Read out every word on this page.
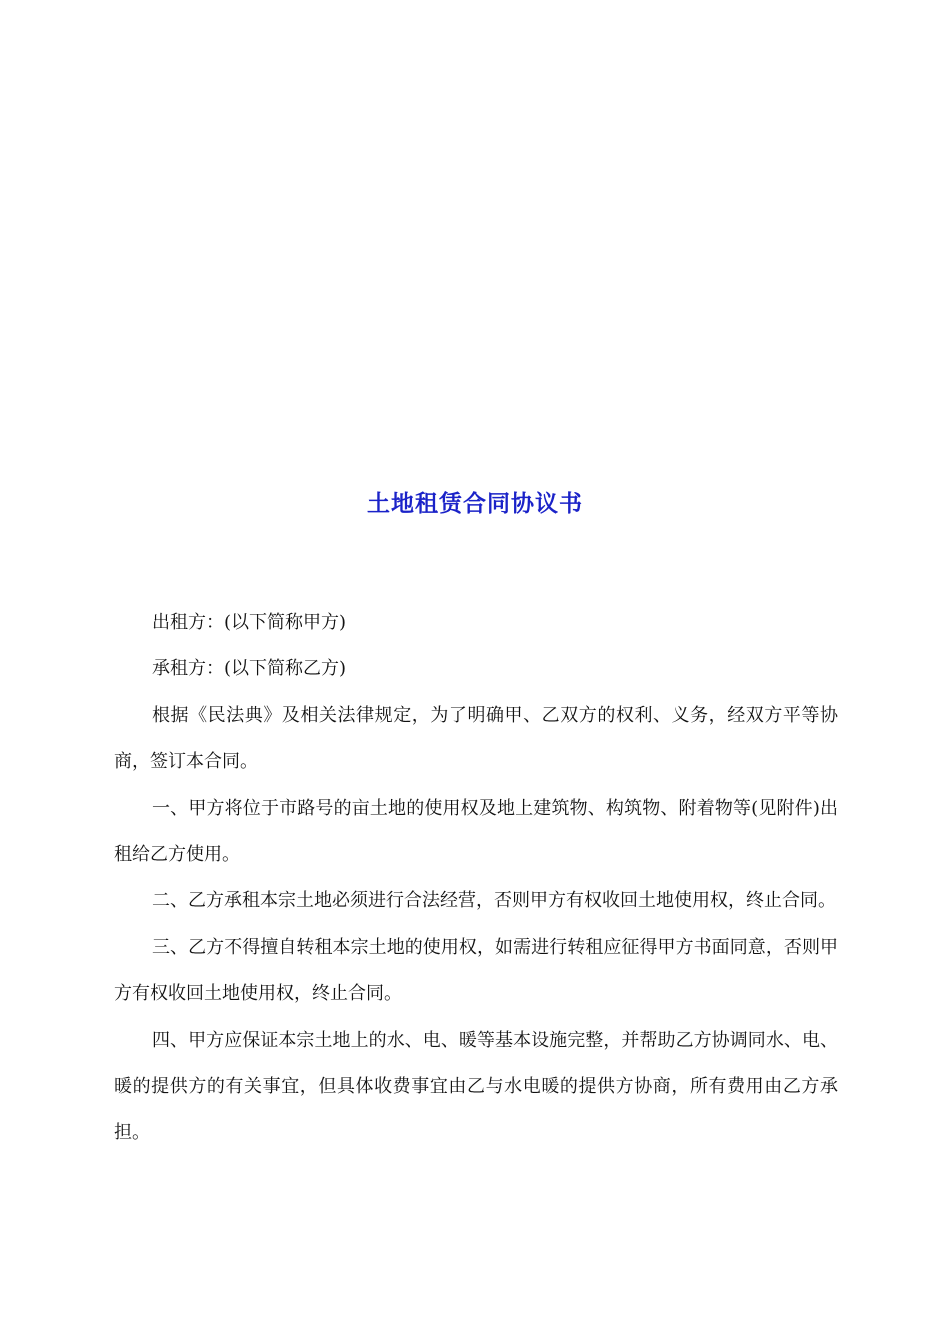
土地租赁合同协议书

出租方：(以下简称甲方)

承租方：(以下简称乙方)

根据《民法典》及相关法律规定，为了明确甲、乙双方的权利、义务，经双方平等协商，签订本合同。

一、甲方将位于市路号的亩土地的使用权及地上建筑物、构筑物、附着物等(见附件)出租给乙方使用。

二、乙方承租本宗土地必须进行合法经营，否则甲方有权收回土地使用权，终止合同。

三、乙方不得擅自转租本宗土地的使用权，如需进行转租应征得甲方书面同意，否则甲方有权收回土地使用权，终止合同。

四、甲方应保证本宗土地上的水、电、暖等基本设施完整，并帮助乙方协调同水、电、暖的提供方的有关事宜，但具体收费事宜由乙与水电暖的提供方协商，所有费用由乙方承担。
